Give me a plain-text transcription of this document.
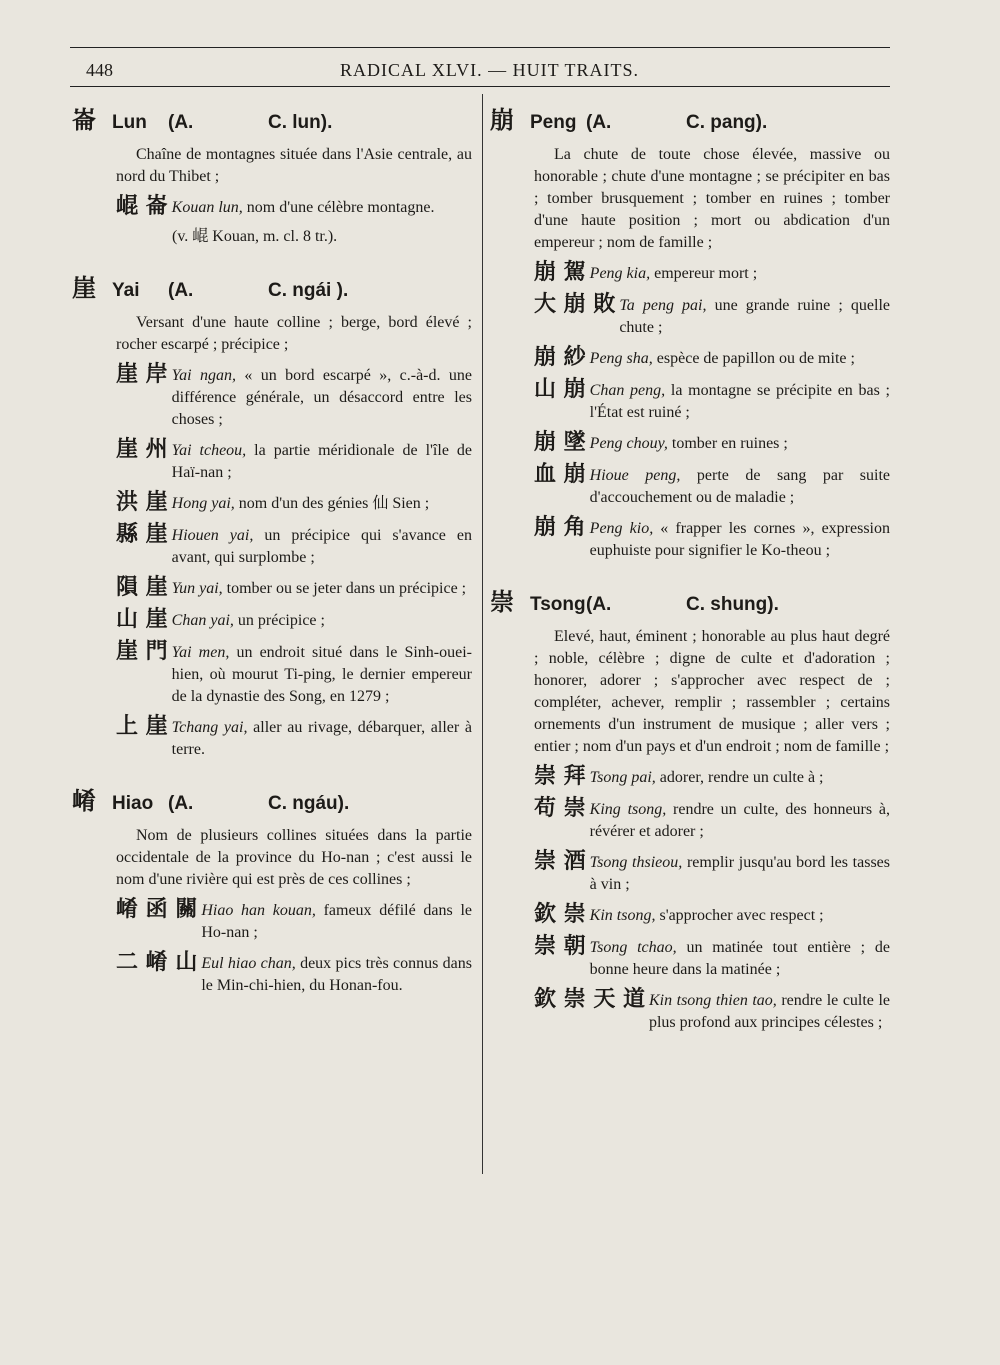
448	RADICAL XLVI. — HUIT TRAITS.
崙 Lun	(A.	C. lun).
Chaîne de montagnes située dans l'Asie centrale, au nord du Thibet ;
崐 崙 Kouan lun, nom d'une célèbre montagne.
(v. 崐 Kouan, m. cl. 8 tr.).
崖 Yai	(A.	C. ngái ).
Versant d'une haute colline ; berge, bord élevé ; rocher escarpé ; précipice ;
崖 岸 Yai ngan, « un bord escarpé », c.-à-d. une différence générale, un désaccord entre les choses ;
崖 州 Yai tcheou, la partie méridionale de l'île de Haï-nan ;
洪 崖 Hong yai, nom d'un des génies 仙 Sien ;
縣 崖 Hiouen yai, un précipice qui s'avance en avant, qui surplombe ;
隕 崖 Yun yai, tomber ou se jeter dans un précipice ;
山 崖 Chan yai, un précipice ;
崖 門 Yai men, un endroit situé dans le Sinh-ouei-hien, où mourut Ti-ping, le dernier empereur de la dynastie des Song, en 1279 ;
上 崖 Tchang yai, aller au rivage, débarquer, aller à terre.
崤 Hiao (A.	C. ngáu).
Nom de plusieurs collines situées dans la partie occidentale de la province du Ho-nan ; c'est aussi le nom d'une rivière qui est près de ces collines ;
崤 函 關 Hiao han kouan, fameux défilé dans le Ho-nan ;
二 崤 山 Eul hiao chan, deux pics très connus dans le Min-chi-hien, du Honan-fou.
崩 Peng (A.	C. pang).
La chute de toute chose élevée, massive ou honorable ; chute d'une montagne ; se précipiter en bas ; tomber brusquement ; tomber en ruines ; tomber d'une haute position ; mort ou abdication d'un empereur ; nom de famille ;
崩 駕 Peng kia, empereur mort ;
大 崩 敗 Ta peng pai, une grande ruine ; quelle chute ;
崩 紗 Peng sha, espèce de papillon ou de mite ;
山 崩 Chan peng, la montagne se précipite en bas ; l'État est ruiné ;
崩 墜 Peng chouy, tomber en ruines ;
血 崩 Hioue peng, perte de sang par suite d'accouchement ou de maladie ;
崩 角 Peng kio, « frapper les cornes », expression euphuiste pour signifier le Ko-theou ;
崇 Tsong (A.	C. shung).
Elevé, haut, éminent ; honorable au plus haut degré ; noble, célèbre ; digne de culte et d'adoration ; honorer, adorer ; s'approcher avec respect de ; compléter, achever, remplir ; rassembler ; certains ornements d'un instrument de musique ; aller vers ; entier ; nom d'un pays et d'un endroit ; nom de famille ;
崇 拜 Tsong pai, adorer, rendre un culte à ;
苟 崇 King tsong, rendre un culte, des honneurs à, révérer et adorer ;
崇 酒 Tsong thsieou, remplir jusqu'au bord les tasses à vin ;
欽 崇 Kin tsong, s'approcher avec respect ;
崇 朝 Tsong tchao, un matinée tout entière ; de bonne heure dans la matinée ;
欽 崇 天 道 Kin tsong thien tao, rendre le culte le plus profond aux principes célestes ;
